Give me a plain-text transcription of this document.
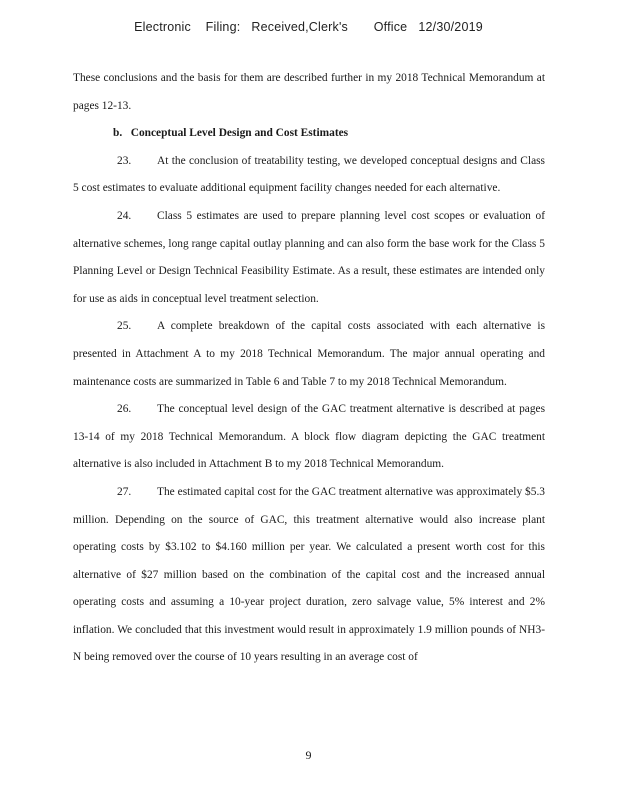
Electronic    Filing:   Received,Clerk's       Office   12/30/2019

These conclusions and the basis for them are described further in my 2018 Technical Memorandum at pages 12-13.

b. Conceptual Level Design and Cost Estimates

23. At the conclusion of treatability testing, we developed conceptual designs and Class 5 cost estimates to evaluate additional equipment facility changes needed for each alternative.

24. Class 5 estimates are used to prepare planning level cost scopes or evaluation of alternative schemes, long range capital outlay planning and can also form the base work for the Class 5 Planning Level or Design Technical Feasibility Estimate. As a result, these estimates are intended only for use as aids in conceptual level treatment selection.

25. A complete breakdown of the capital costs associated with each alternative is presented in Attachment A to my 2018 Technical Memorandum. The major annual operating and maintenance costs are summarized in Table 6 and Table 7 to my 2018 Technical Memorandum.

26. The conceptual level design of the GAC treatment alternative is described at pages 13-14 of my 2018 Technical Memorandum. A block flow diagram depicting the GAC treatment alternative is also included in Attachment B to my 2018 Technical Memorandum.

27. The estimated capital cost for the GAC treatment alternative was approximately $5.3 million. Depending on the source of GAC, this treatment alternative would also increase plant operating costs by $3.102 to $4.160 million per year. We calculated a present worth cost for this alternative of $27 million based on the combination of the capital cost and the increased annual operating costs and assuming a 10-year project duration, zero salvage value, 5% interest and 2% inflation. We concluded that this investment would result in approximately 1.9 million pounds of NH3-N being removed over the course of 10 years resulting in an average cost of

9
